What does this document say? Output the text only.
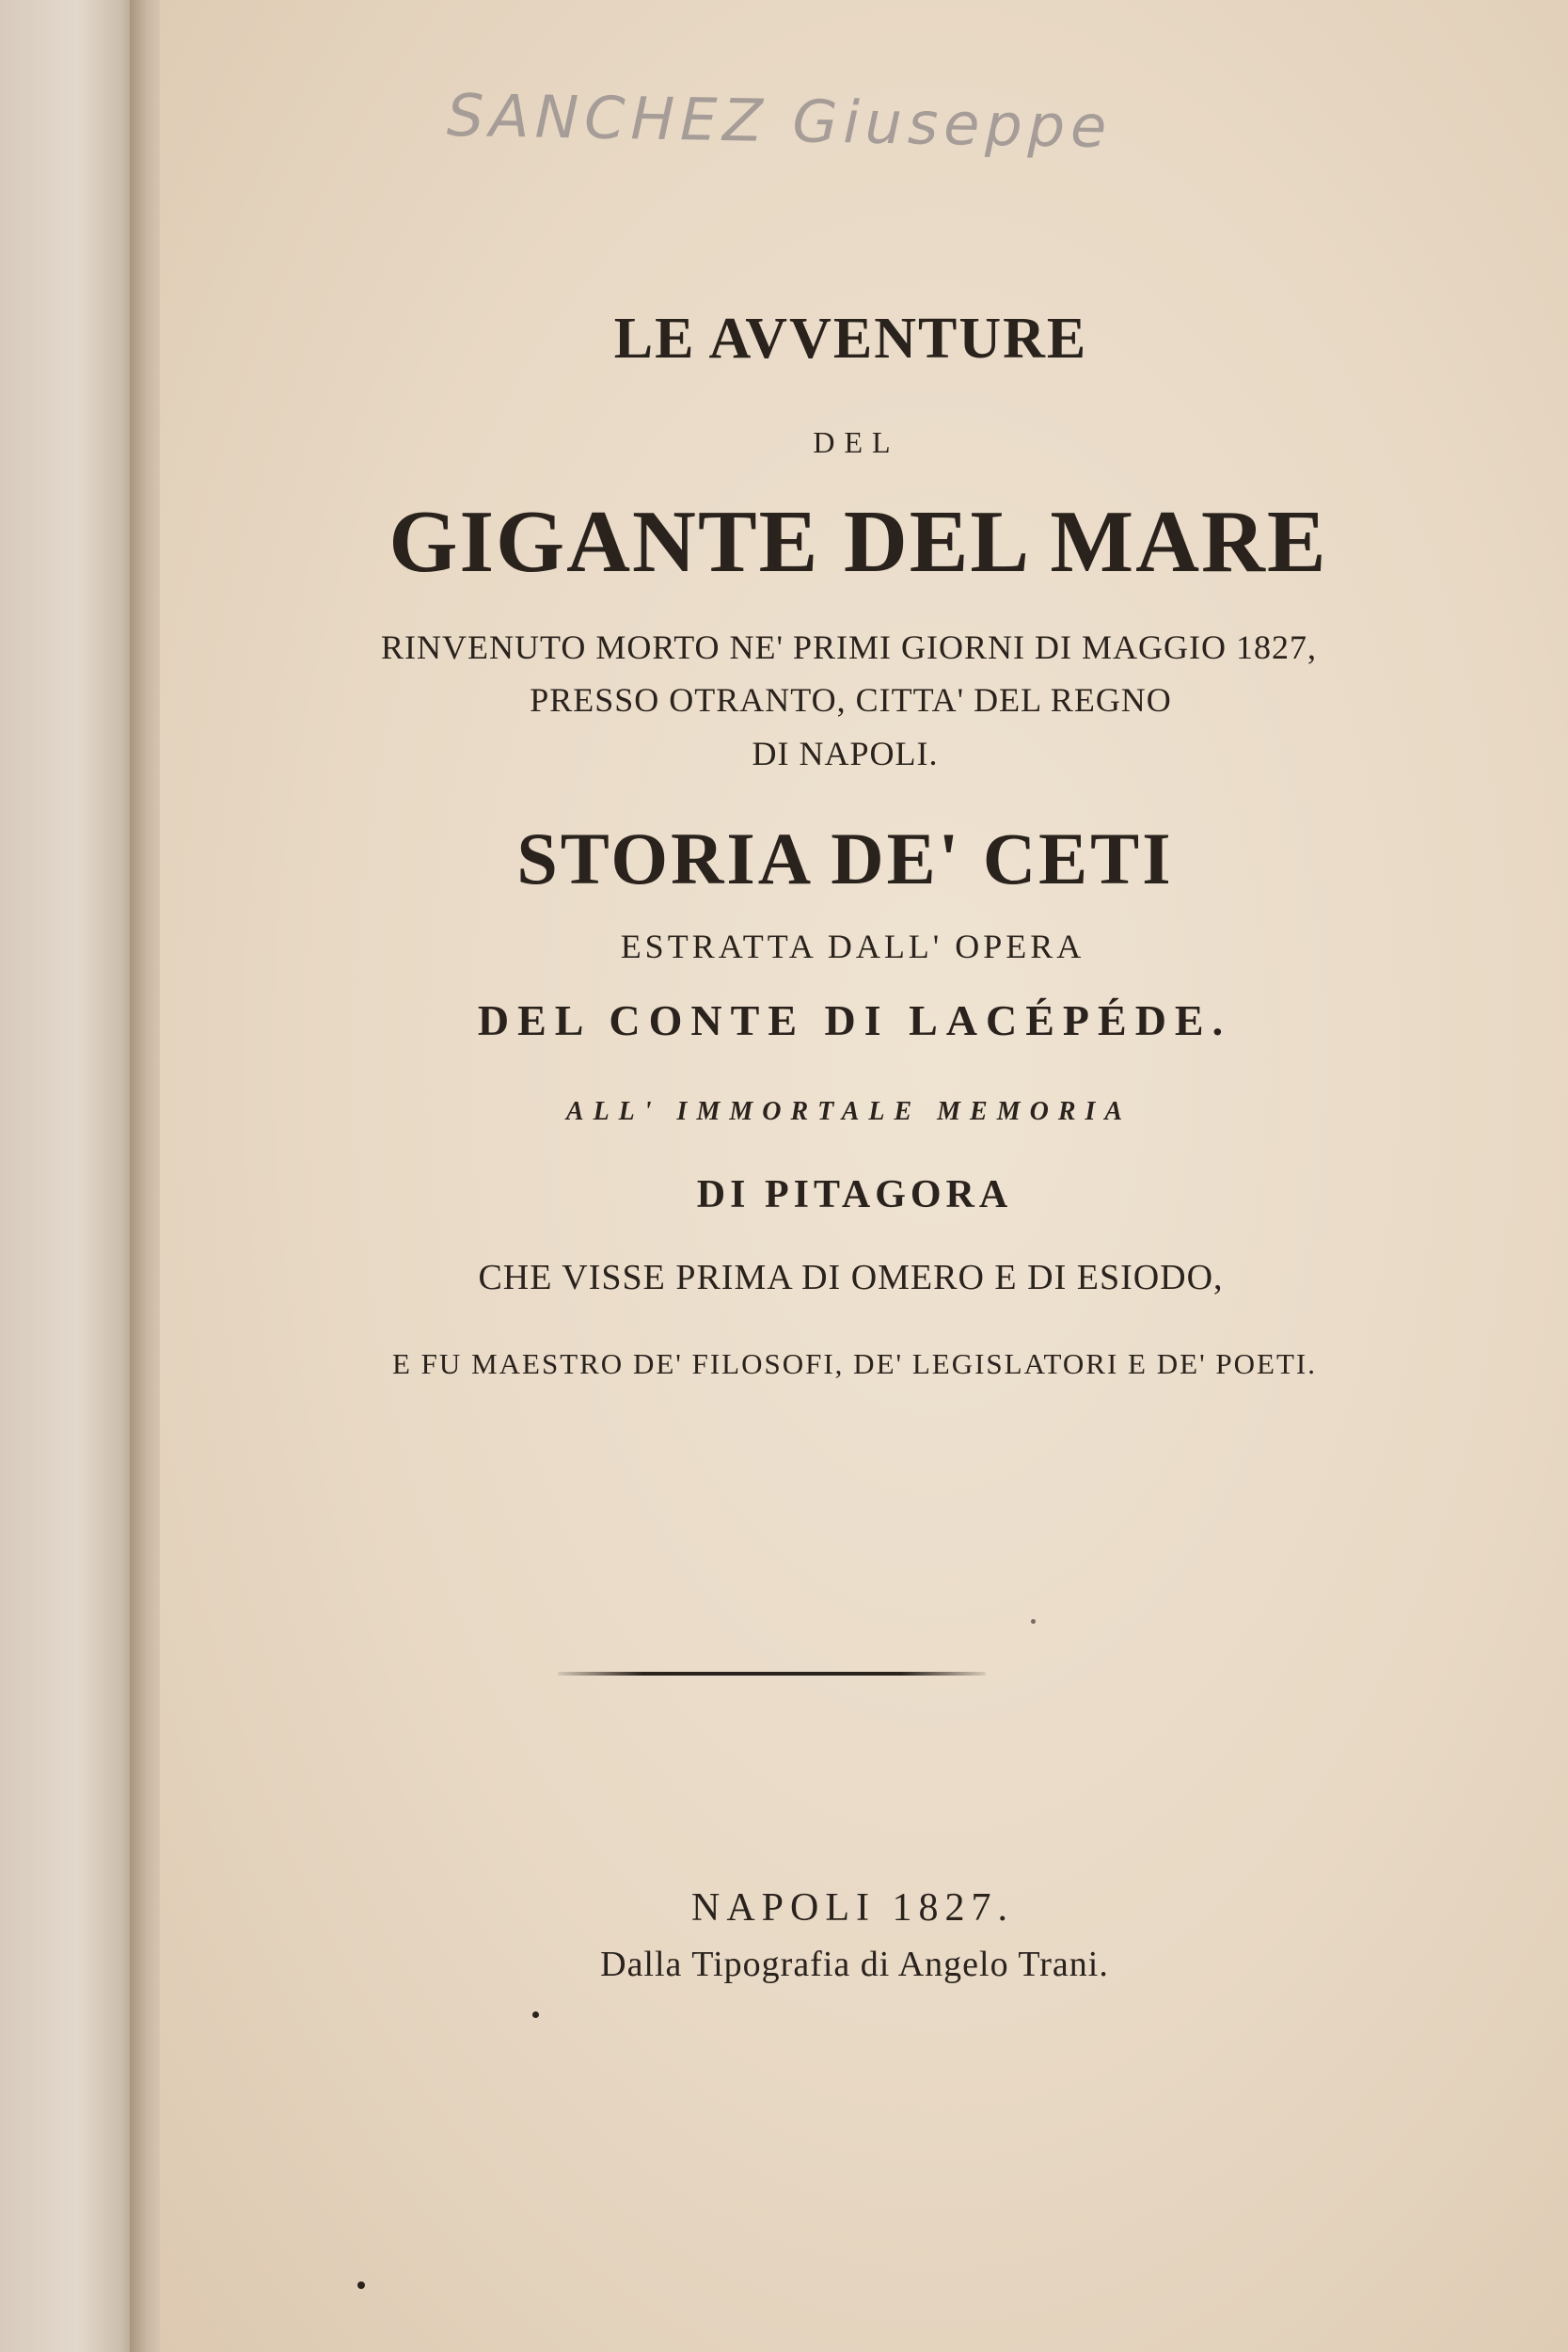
SANCHEZ Giuseppe

LE AVVENTURE

DEL

GIGANTE DEL MARE

RINVENUTO MORTO NE' PRIMI GIORNI DI MAGGIO 1827,

PRESSO OTRANTO, CITTA' DEL REGNO

DI NAPOLI.

STORIA DE' CETI

ESTRATTA DALL' OPERA

DEL CONTE DI LACÉPÉDE.

ALL' IMMORTALE MEMORIA

DI PITAGORA

CHE VISSE PRIMA DI OMERO E DI ESIODO,

E FU MAESTRO DE' FILOSOFI, DE' LEGISLATORI E DE' POETI.

NAPOLI 1827.

Dalla Tipografia di Angelo Trani.
